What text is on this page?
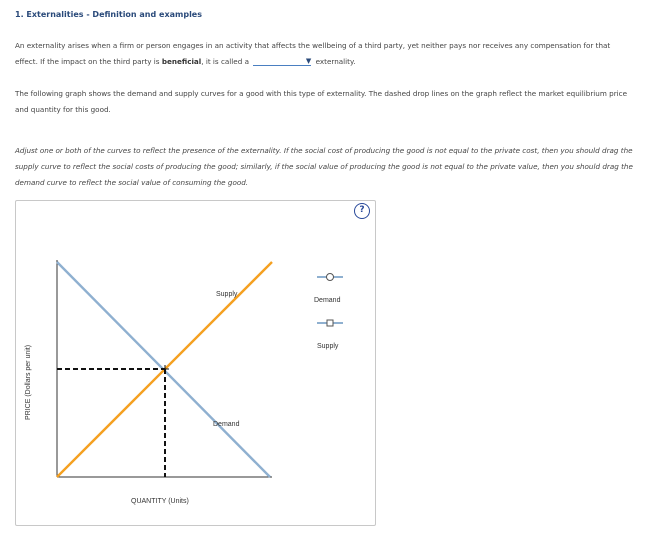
1. Externalities - Definition and examples
An externality arises when a firm or person engages in an activity that affects the wellbeing of a third party, yet neither pays nor receives any compensation for that effect. If the impact on the third party is beneficial, it is called a	▼ externality.
The following graph shows the demand and supply curves for a good with this type of externality. The dashed drop lines on the graph reflect the market equilibrium price and quantity for this good.
Adjust one or both of the curves to reflect the presence of the externality. If the social cost of producing the good is not equal to the private cost, then you should drag the supply curve to reflect the social costs of producing the good; similarly, if the social value of producing the good is not equal to the private value, then you should drag the demand curve to reflect the social value of consuming the good.
Supply
Demand
QUANTITY (Units)
PRICE (Dollars per unit)
Demand
Supply
?
